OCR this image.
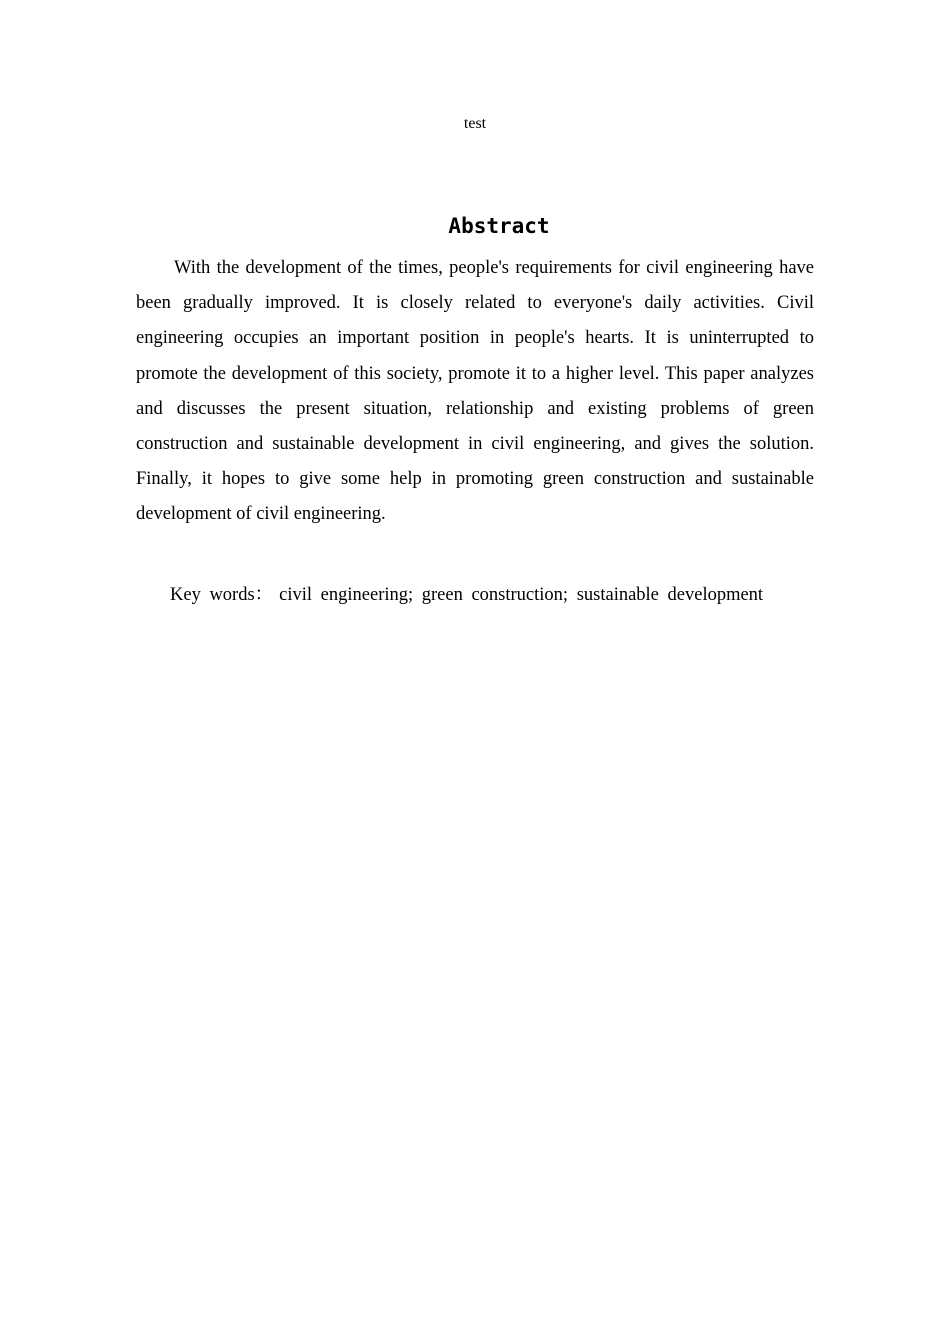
test
Abstract

With the development of the times, people's requirements for civil engineering have been gradually improved. It is closely related to everyone's daily activities. Civil engineering occupies an important position in people's hearts. It is uninterrupted to promote the development of this society, promote it to a higher level. This paper analyzes and discusses the present situation, relationship and existing problems of green construction and sustainable development in civil engineering, and gives the solution. Finally, it hopes to give some help in promoting green construction and sustainable development of civil engineering.

Key words： civil engineering; green construction; sustainable development
